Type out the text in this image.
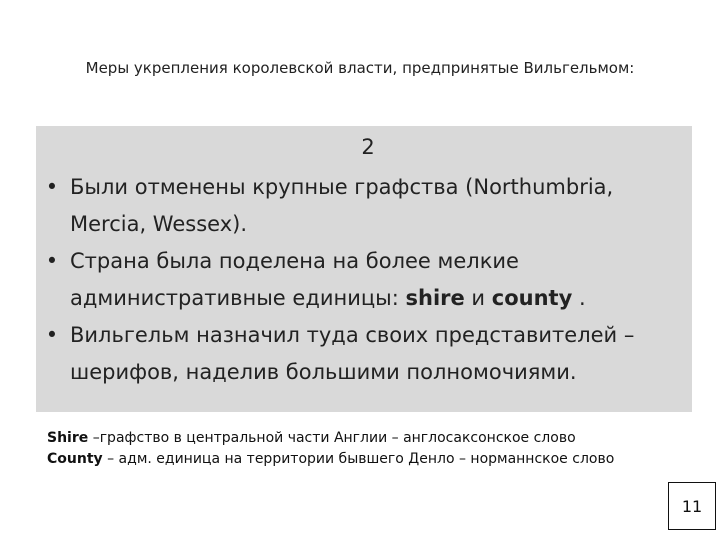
Меры укрепления королевской власти, предпринятые Вильгельмом:
2
• Были отменены крупные графства (Northumbria, Mercia, Wessex).
• Страна была поделена на более мелкие административные единицы: shire и county .
• Вильгельм назначил туда своих представителей – шерифов, наделив большими полномочиями.
Shire –графство в центральной части Англии – англосаксонское слово
County – адм. единица на территории бывшего Денло – норманнское слово
11
